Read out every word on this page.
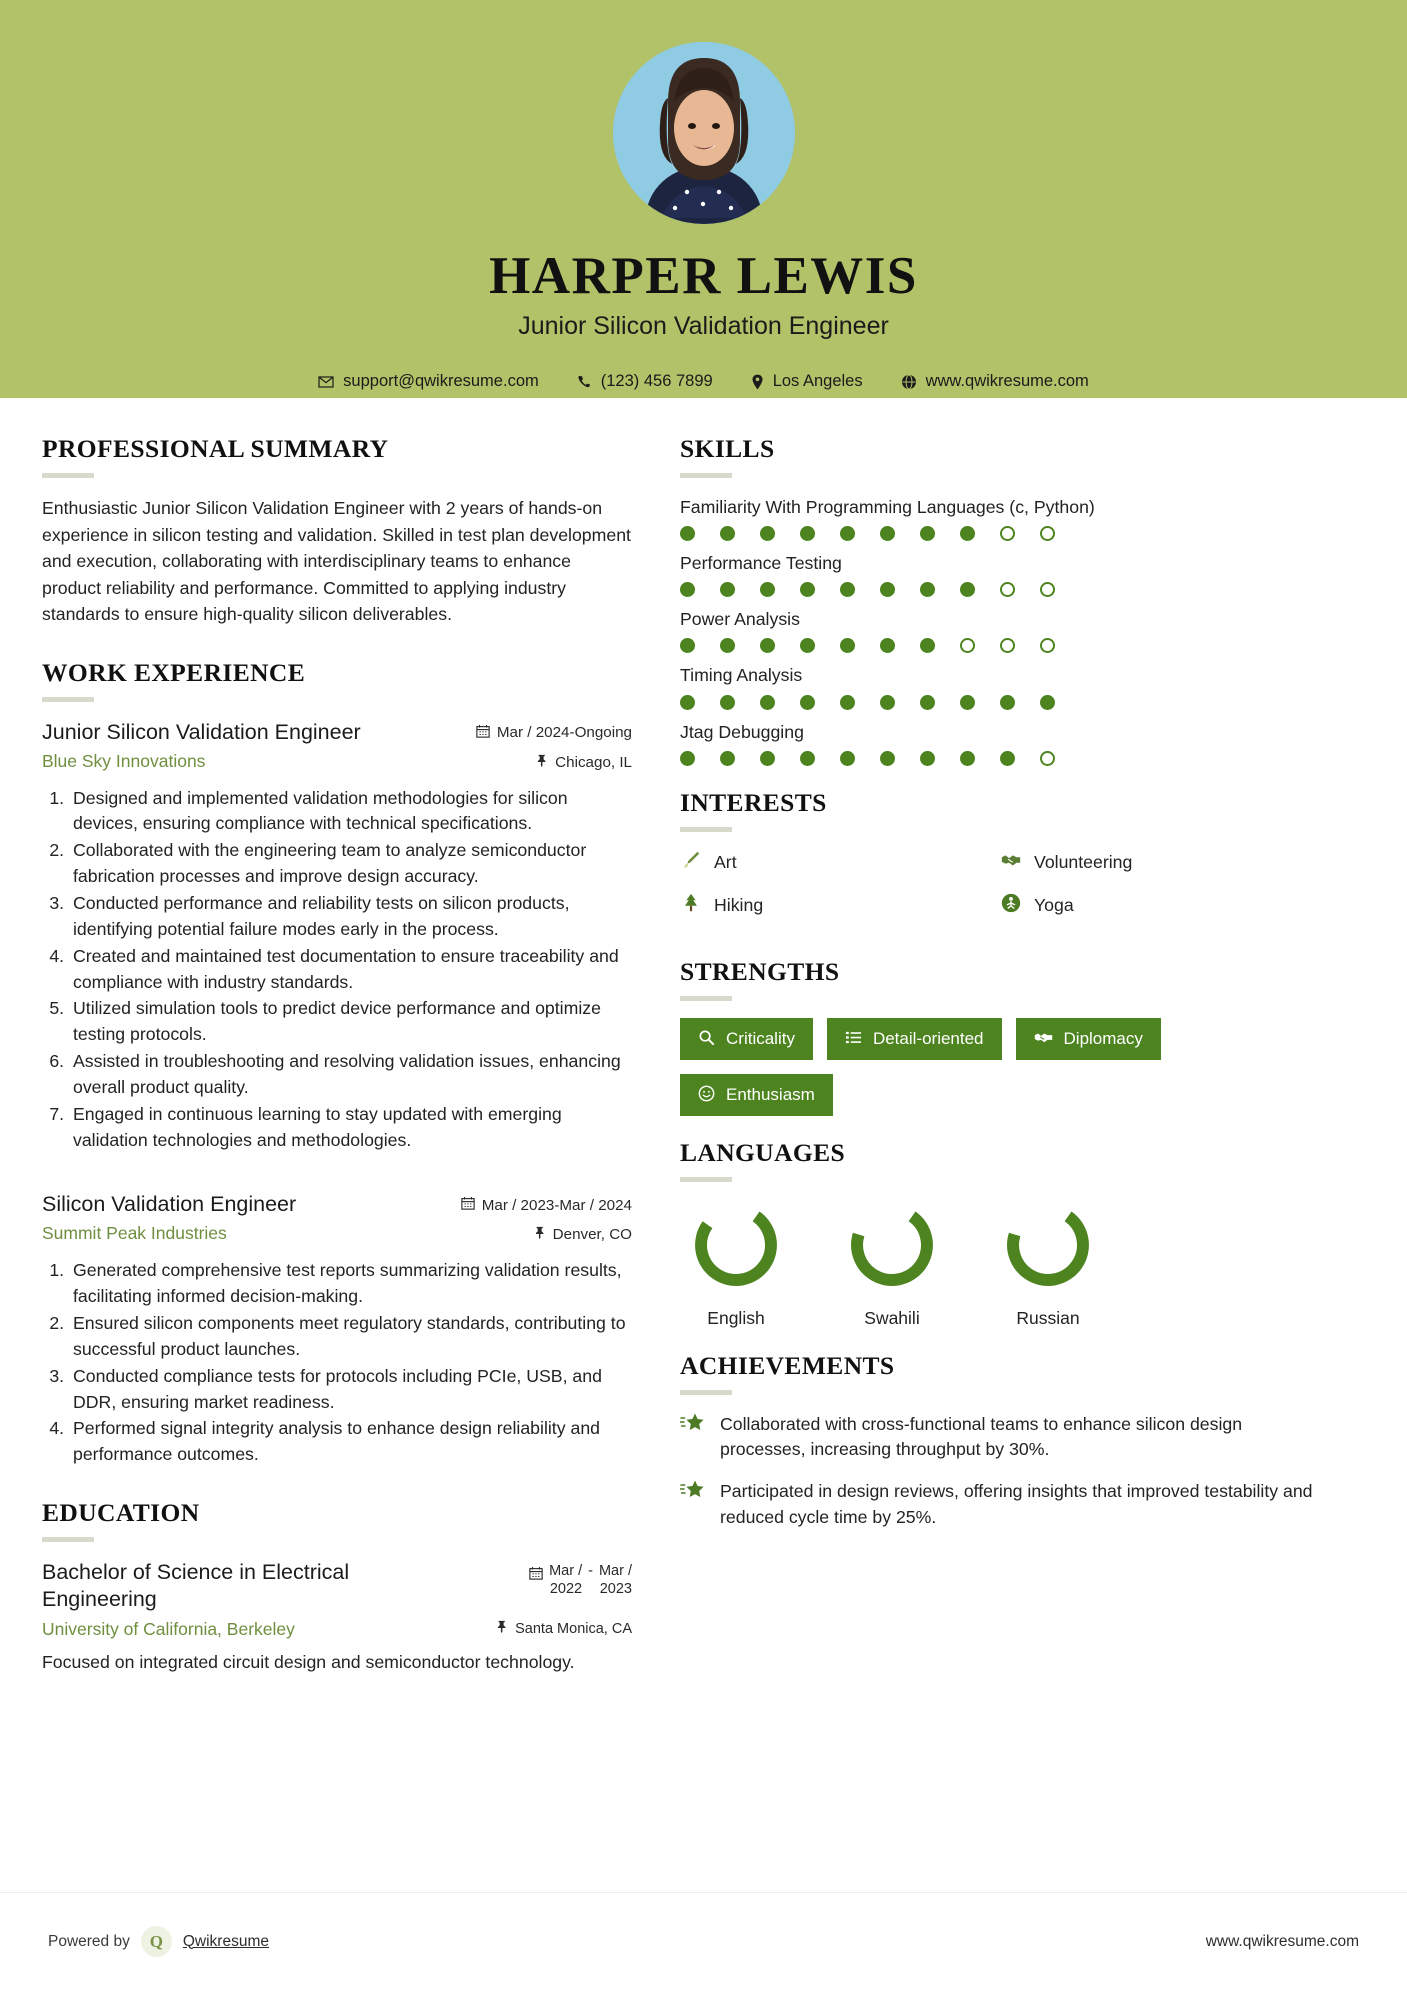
HARPER LEWIS
Junior Silicon Validation Engineer
support@qwikresume.com	(123) 456 7899	Los Angeles	www.qwikresume.com
PROFESSIONAL SUMMARY
Enthusiastic Junior Silicon Validation Engineer with 2 years of hands-on experience in silicon testing and validation. Skilled in test plan development and execution, collaborating with interdisciplinary teams to enhance product reliability and performance. Committed to applying industry standards to ensure high-quality silicon deliverables.
WORK EXPERIENCE
Junior Silicon Validation Engineer
Blue Sky Innovations
Mar / 2024-Ongoing
Chicago, IL
1. Designed and implemented validation methodologies for silicon devices, ensuring compliance with technical specifications.
2. Collaborated with the engineering team to analyze semiconductor fabrication processes and improve design accuracy.
3. Conducted performance and reliability tests on silicon products, identifying potential failure modes early in the process.
4. Created and maintained test documentation to ensure traceability and compliance with industry standards.
5. Utilized simulation tools to predict device performance and optimize testing protocols.
6. Assisted in troubleshooting and resolving validation issues, enhancing overall product quality.
7. Engaged in continuous learning to stay updated with emerging validation technologies and methodologies.
Silicon Validation Engineer
Summit Peak Industries
Mar / 2023-Mar / 2024
Denver, CO
1. Generated comprehensive test reports summarizing validation results, facilitating informed decision-making.
2. Ensured silicon components meet regulatory standards, contributing to successful product launches.
3. Conducted compliance tests for protocols including PCIe, USB, and DDR, ensuring market readiness.
4. Performed signal integrity analysis to enhance design reliability and performance outcomes.
EDUCATION
Bachelor of Science in Electrical Engineering
University of California, Berkeley
Mar /
2022
- Mar /
2023
Santa Monica, CA
Focused on integrated circuit design and semiconductor technology.
SKILLS
Familiarity With Programming Languages (c, Python)
Performance Testing
Power Analysis
Timing Analysis
Jtag Debugging
INTERESTS
Art	Volunteering
Hiking	Yoga
STRENGTHS
Criticality	Detail-oriented	Diplomacy
Enthusiasm
LANGUAGES
English	Swahili	Russian
ACHIEVEMENTS
Collaborated with cross-functional teams to enhance silicon design processes, increasing throughput by 30%.
Participated in design reviews, offering insights that improved testability and reduced cycle time by 25%.
Powered by	Q	Qwikresume	www.qwikresume.com
